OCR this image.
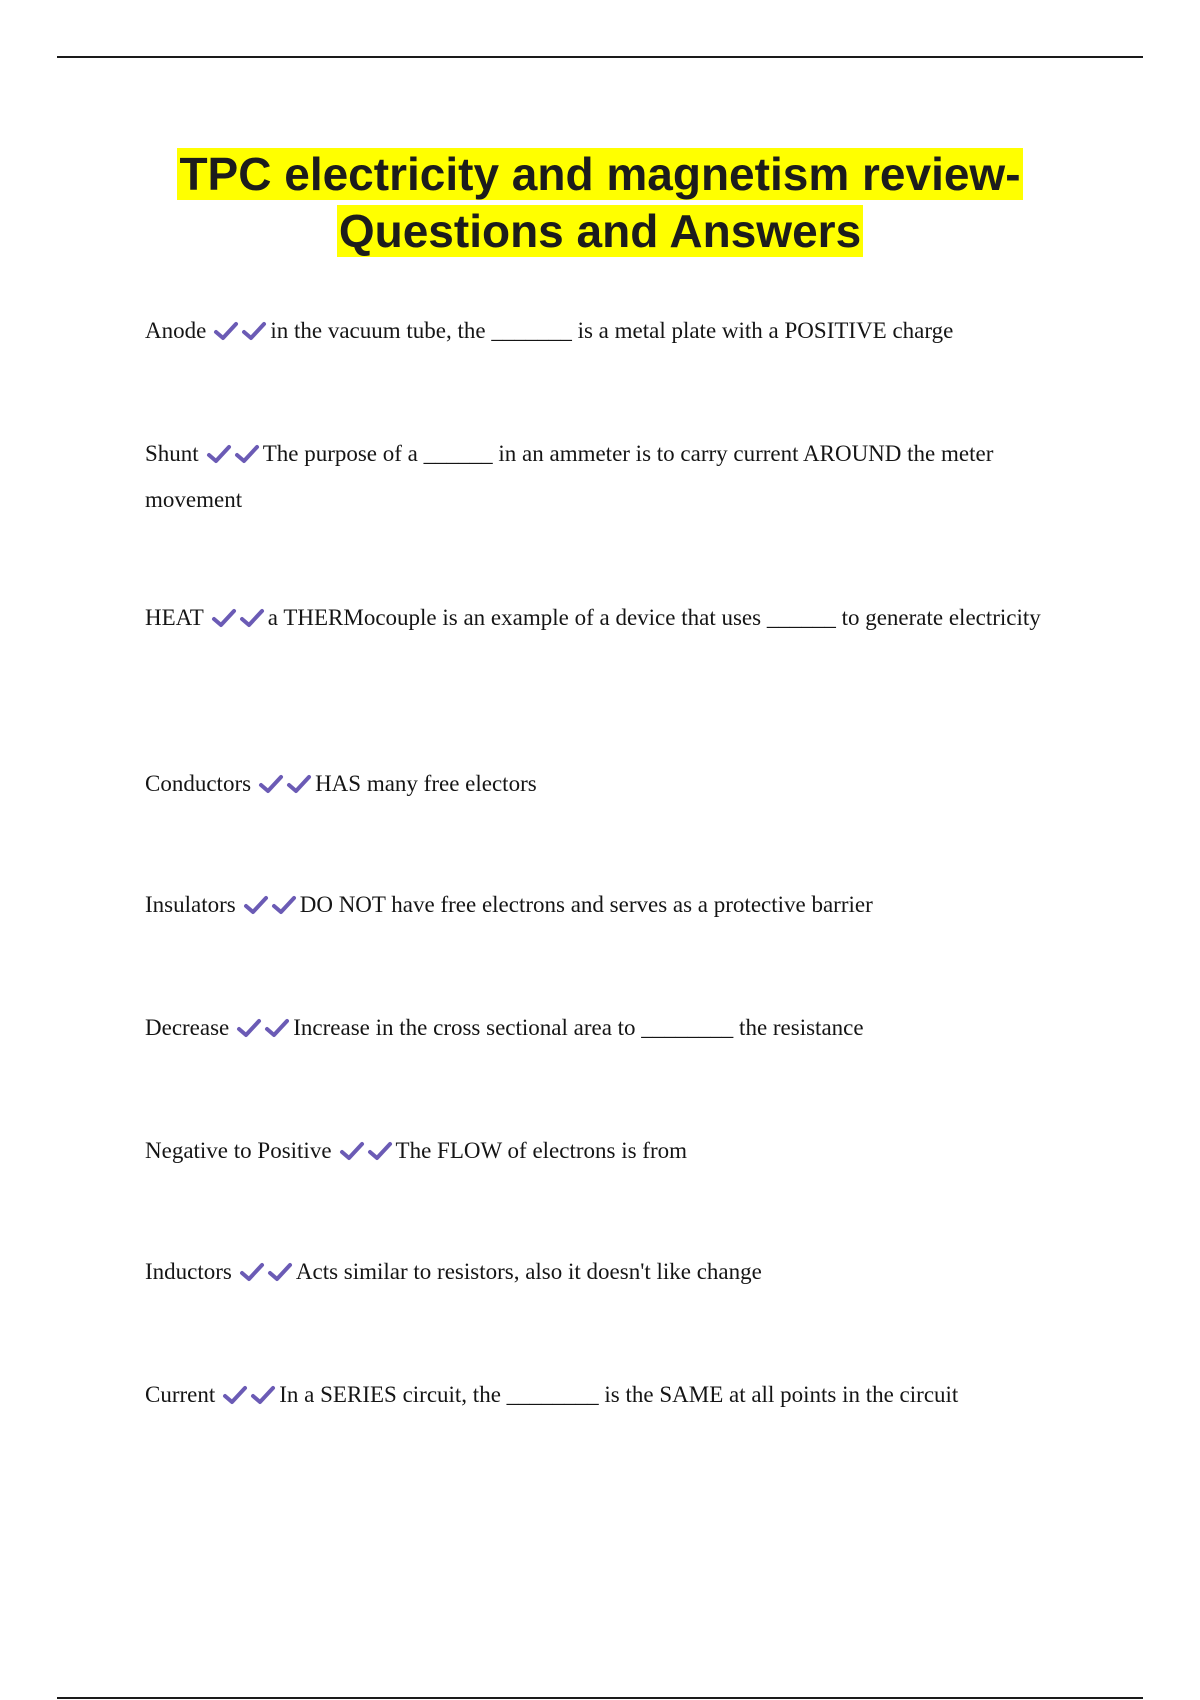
TPC electricity and magnetism review-
Questions and Answers
Anode	in the vacuum tube, the _______ is a metal plate with a POSITIVE charge
Shunt	The purpose of a ______ in an ammeter is to carry current AROUND the meter movement
HEAT	a THERMocouple is an example of a device that uses ______ to generate electricity
Conductors	HAS many free electors
Insulators	DO NOT have free electrons and serves as a protective barrier
Decrease	Increase in the cross sectional area to ________ the resistance
Negative to Positive	The FLOW of electrons is from
Inductors	Acts similar to resistors, also it doesn't like change
Current	In a SERIES circuit, the ________ is the SAME at all points in the circuit
